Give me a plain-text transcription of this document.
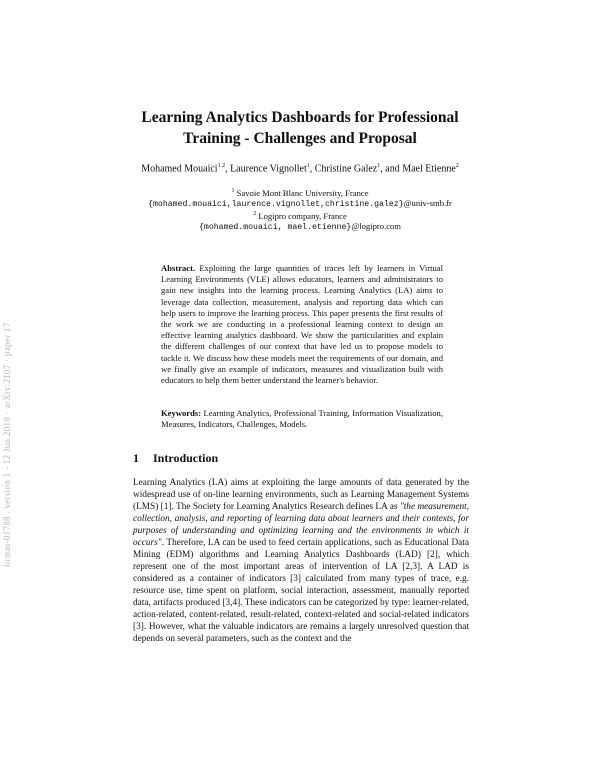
lirmm-01788 . version 1 - 12 Jun 2018 · arXiv:2107 · paper 17
Learning Analytics Dashboards for Professional
Training - Challenges and Proposal
Mohamed Mouaici$^{1 2}$, Laurence Vignollet$^1$, Christine Galez$^1$, and Mael Etienne$^2$
$^1$ Savoie Mont Blanc University, France
{mohamed.mouaici,laurence.vignollet,christine.galez}@univ-smb.fr
$^2$ Logipro company, France
{mohamed.mouaici, mael.etienne}@logipro.com
Abstract. Exploiting the large quantities of traces left by learners in Virtual Learning Environments (VLE) allows educators, learners and administrators to gain new insights into the learning process. Learning Analytics (LA) aims to leverage data collection, measurement, analysis and reporting data which can help users to improve the learning process. This paper presents the first results of the work we are conducting in a professional learning context to design an effective learning analytics dashboard. We show the particularities and explain the different challenges of our context that have led us to propose models to tackle it. We discuss how these models meet the requirements of our domain, and we finally give an example of indicators, measures and visualization built with educators to help them better understand the learner's behavior.
Keywords: Learning Analytics, Professional Training, Information Visualization, Measures, Indicators, Challenges, Models.
1 Introduction
Learning Analytics (LA) aims at exploiting the large amounts of data generated by the widespread use of on-line learning environments, such as Learning Management Systems (LMS) [1]. The Society for Learning Analytics Research defines LA as "the measurement, collection, analysis, and reporting of learning data about learners and their contexts, for purposes of understanding and optimizing learning and the environments in which it occurs". Therefore, LA can be used to feed certain applications, such as Educational Data Mining (EDM) algorithms and Learning Analytics Dashboards (LAD) [2], which represent one of the most important areas of intervention of LA [2,3]. A LAD is considered as a container of indicators [3] calculated from many types of trace, e.g. resource use, time spent on platform, social interaction, assessment, manually reported data, artifacts produced [3,4]. These indicators can be categorized by type: learner-related, action-related, content-related, result-related, context-related and social-related indicators [3]. However, what the valuable indicators are remains a largely unresolved question that depends on several parameters, such as the context and the
